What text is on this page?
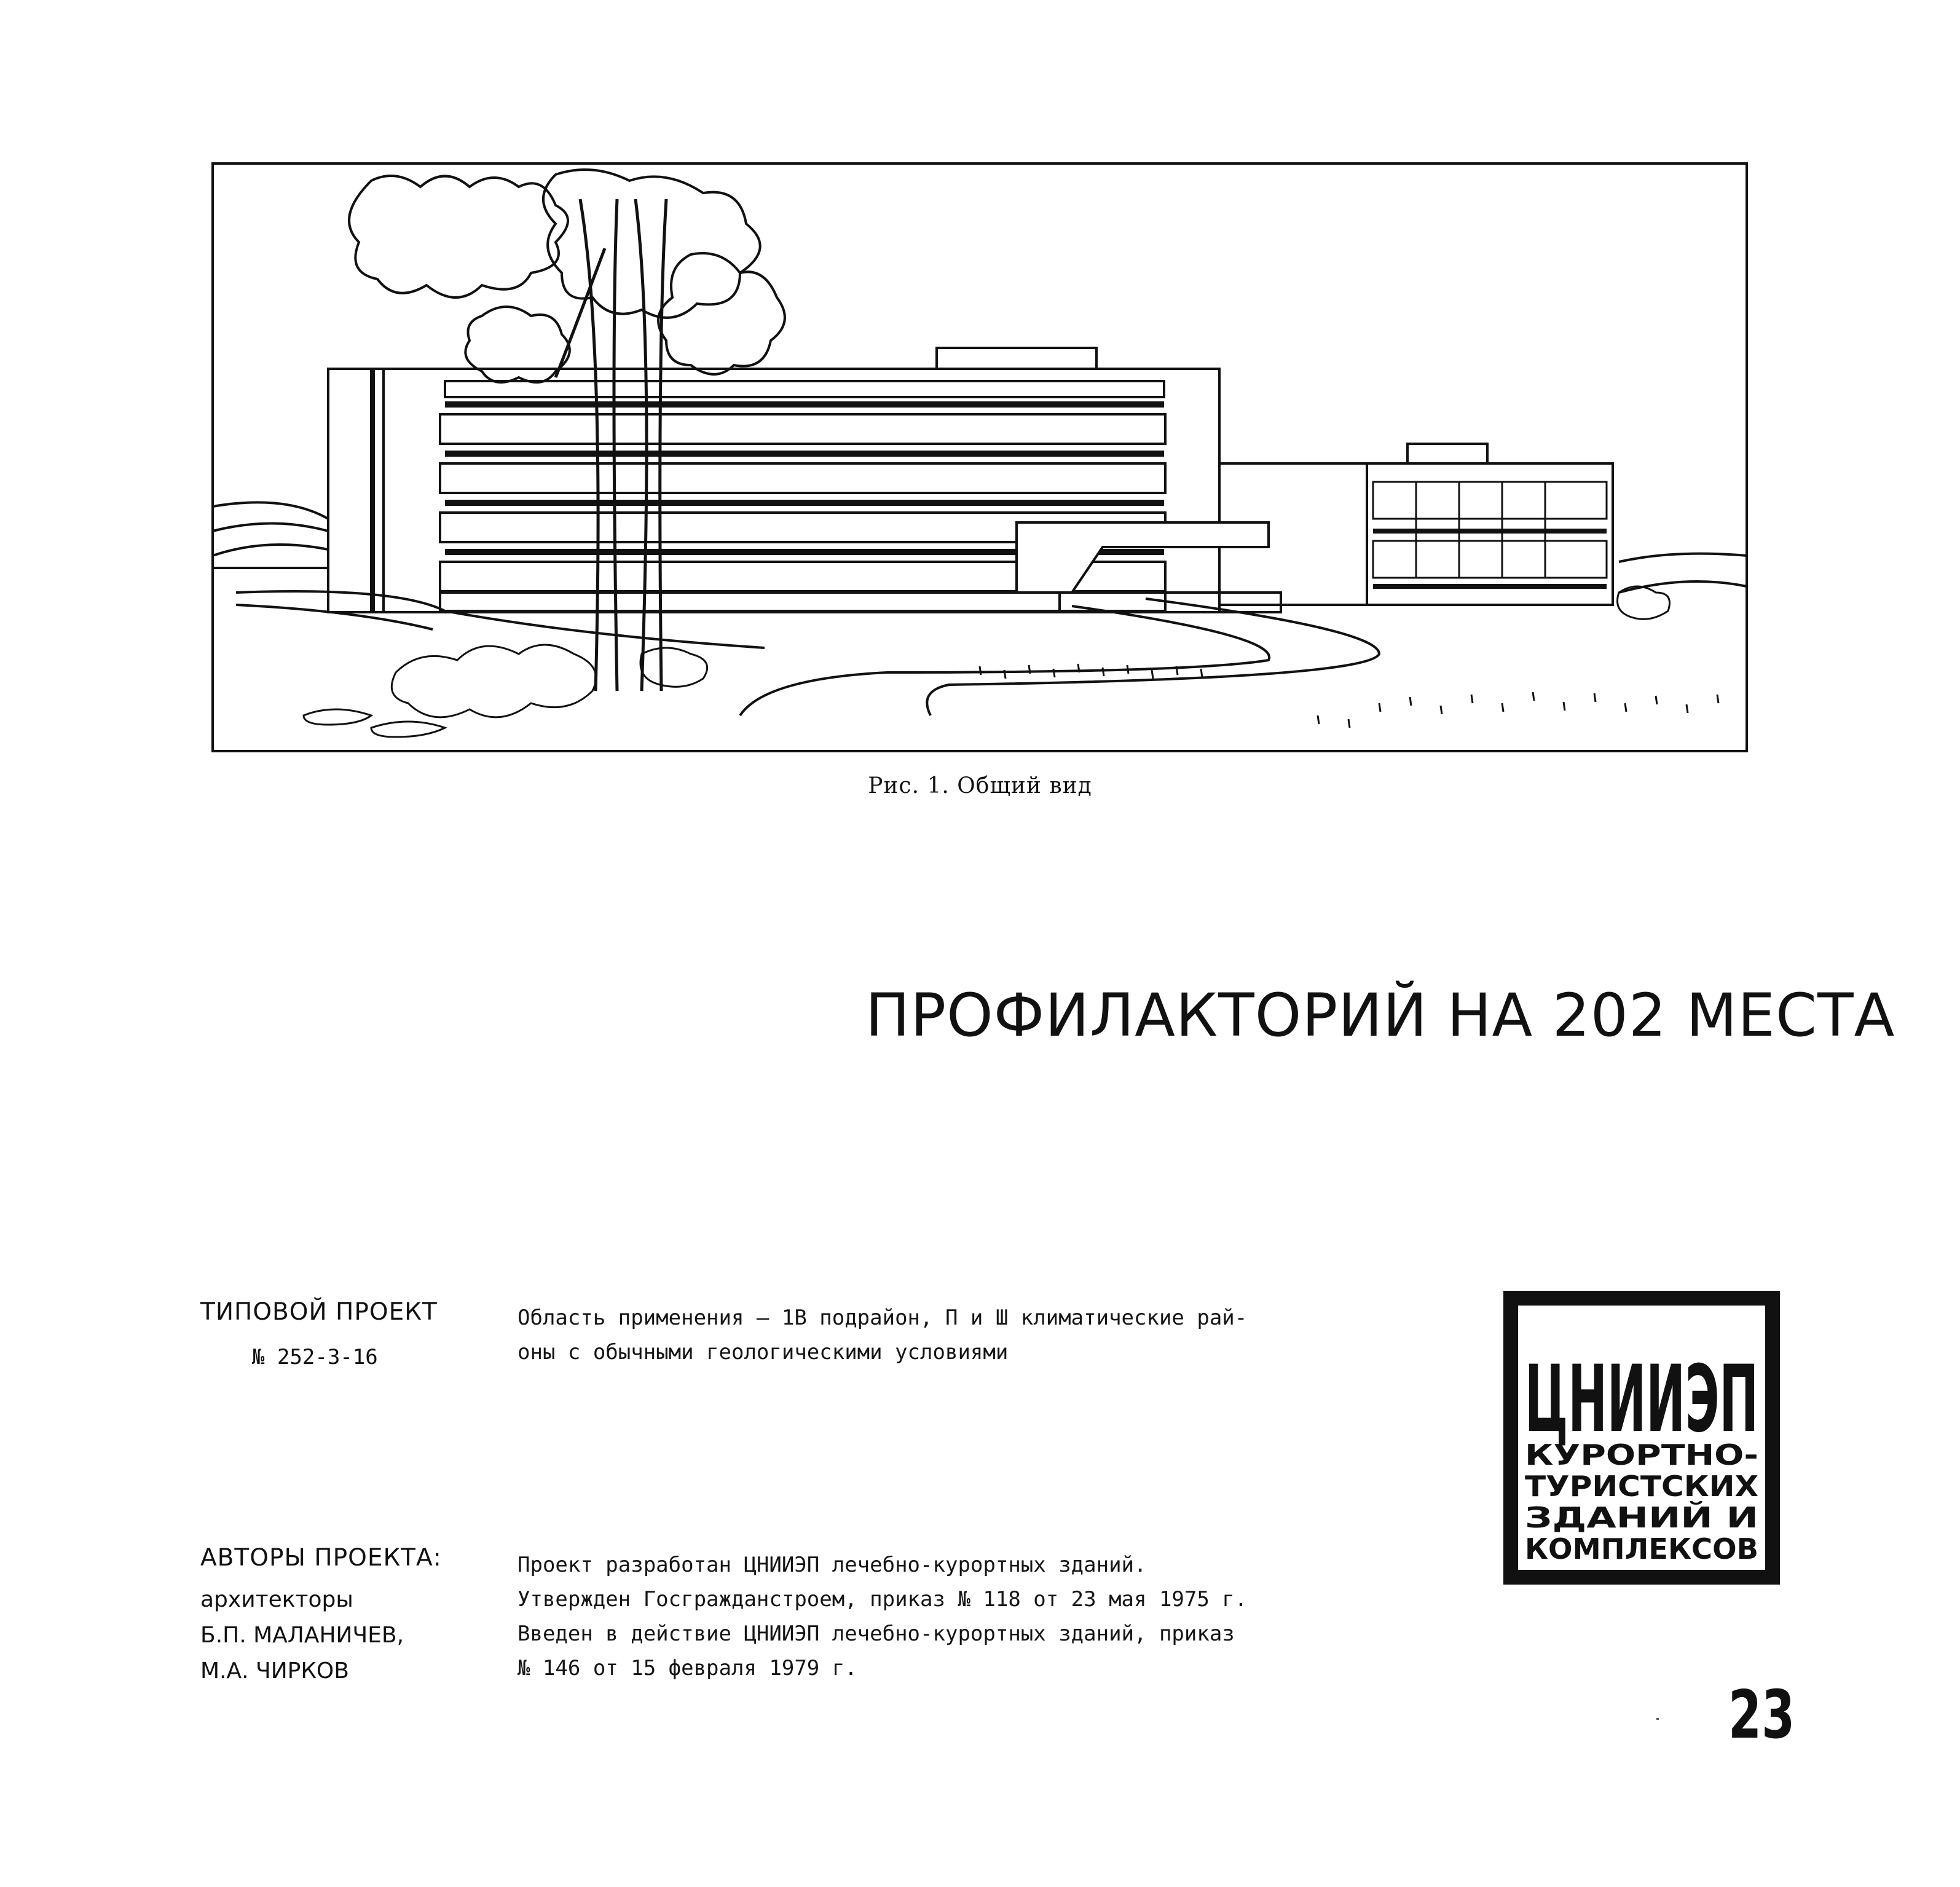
Рис. 1. Общий вид
ПРОФИЛАКТОРИЙ НА 202 МЕСТА
ТИПОВОЙ ПРОЕКТ
№ 252-3-16
Область применения – 1В подрайон, П и Ш климатические рай-
оны с обычными геологическими условиями
АВТОРЫ ПРОЕКТА:
архитекторы
Б.П. МАЛАНИЧЕВ,
М.А. ЧИРКОВ
Проект разработан ЦНИИЭП лечебно-курортных зданий.
Утвержден Госгражданстроем, приказ № 118 от 23 мая 1975 г.
Введен в действие ЦНИИЭП лечебно-курортных зданий, приказ
№ 146 от 15 февраля 1979 г.
ЦНИИЭП
КУРОРТНО-
ТУРИСТСКИХ
ЗДАНИЙ И
КОМПЛЕКСОВ
23
